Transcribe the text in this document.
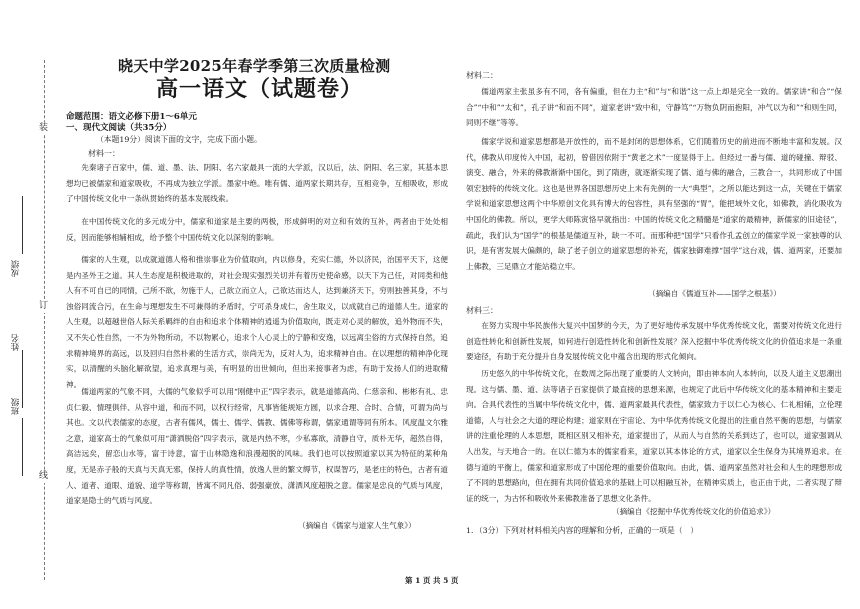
装
订
线
成绩
姓名
班级
晓天中学2025年春学季第三次质量检测
高一语文（试题卷）
命题范围：语文必修下册1～6单元
一、现代文阅读（共35分）
（本题19分）阅读下面的文字，完成下面小题。
材料一：
先秦诸子百家中，儒、道、墨、法、阴阳、名六家最具一流的大学派，汉以后，法、阴阳、名三家，其基本思想均已被儒家和道家吸收，不再成为独立学派。墨家中绝。唯有儒、道两家长期共存，互相竞争，互相吸收，形成了中国传统文化中一条纵贯始终的基本发展线索。
在中国传统文化的多元成分中，儒家和道家是主要的两极，形成鲜明的对立和有效的互补，两者由于处处相反，因而能够相辅相成，给予整个中国传统文化以深刻的影响。
儒家的人生观，以成就道德人格和推崇事业为价值取向，内以修身，充实仁德，外以济民，治国平天下，这便是内圣外王之道。其人生态度是积极进取的，对社会现实强烈关切并有着历史使命感，以天下为己任，对同类和他人有不可自已的同情，己所不欲，勿施于人，己欲立而立人，己欲达而达人，达到兼济天下，穷则独善其身，不与浊俗同流合污，在生命与理想发生不可兼得的矛盾时，宁可杀身成仁，舍生取义，以成就自己的道德人生。道家的人生观，以超越世俗人际关系羁绊的自由和追求个体精神的逍遥为价值取向，既走对心灵的解放，追外物而不失，又不失心性自然，一不为外物所动，不以物累心，追求个人心灵上的宁静和安逸，以远离尘俗的方式保持自然，追求精神境界的高远，以及回归自然朴素的生活方式，崇尚无为，反对人为，追求精神自由。在以理想的精神净化现实，以清醒的头脑化解欲望，追求真理与美，有明显的出世倾向，但出来接事者为虑，有助于发扬人们的进取精神。
儒道两家的气象不同，大儒的气象似乎可以用“刚健中正”四字表示，就是道德高尚、仁慈亲和、彬彬有礼、忠贞仁毅、情理俱伴、从容中道，和而不同，以权行经常，凡事皆能规矩方圆，以求合理、合时、合情，可谓为尚与其也。文以代表儒家的态度，古者有儒风，儒士、儒学、儒教、儒佛等称谓，儒家通谓等同有所本。风度温文尔雅之意，道家高士的气象似可用“潇洒脱俗”四字表示，就是内热不寒，少私寡欲，清静自守，质朴无华，超然自得，高洁远矣，留恋山水等，富于诗意，富于山林隐逸和浪漫超脱的风味。我们也可以按照道家以其为特征的某种角度，无是赤子般的天真与天真无邪，保持人的真性情，放逸人世的繁文缛节，权谋智巧，是老庄的特色，古者有道人、道者、道眼、道貌、道学等称谓，皆寓不同凡俗、弱强豪放、潇洒风度超脱之意。儒家是忠良的气质与风度，道家是隐士的气质与风度。
（摘编自《儒家与道家人生气象》）
材料二：
儒道两家主张虽多有不同，各有偏重，但在力主“和”与“和谐”这一点上却是完全一致的。儒家讲“和合”“保合”“中和”“太和”，孔子讲“和而不同”，道家老讲“致中和，守静笃”“万物负阴而抱阳，冲气以为和”“和则生同，同则不继”等等。
儒家学说和道家思想都是开放性的，而不是封闭的思想体系，它们随着历史的前进而不断地丰富和发展。汉代，佛教从印度传入中国，起初，曾借因依附于“黄老之术”一度显得于上。但经过一番与儒、道的碰撞、辩驳、演变、融合，外来的佛教渐渐中国化，到了隋唐，就逐渐实现了儒、道与佛的融合，三教合一，共同形成了中国领宏独特的传统文化。这也是世界各国思想历史上未有先例的一大“典型”，之所以能达到这一点，关键在于儒家学说和道家思想这两个中华原创文化具有博大的包容性，具有坚强的“胃”，能把域外文化，如佛教，消化吸收为中国化的佛教。所以，更学大师陈寅恪早就指出：中国的传统文化之精髓是“道家的最精神，新儒家的旧途径”，疏此，我们认为“国学”的根基是儒道互补，缺一不可。而那种把“国学”只看作孔孟创立的儒家学说一家独尊的认识，是有害发展大偏颇的，缺了老子创立的道家思想的补充，儒家独御难撑“国学”这台戏，儒、道两家，还要加上佛教，三足鼎立才能站稳立牢。
（摘编自《儒道互补——国学之根基》）
材料三：
在努力实现中华民族伟大复兴中国梦的今天，为了更好地传承发展中华优秀传统文化，需要对传统文化进行创造性转化和创新性发展，如何进行创造性转化和创新性发展？深入挖掘中华优秀传统文化的价值追求是一条重要途径，有助于充分提升自身发展传统文化中蕴含出现的形式化倾向。
历史悠久的中华传统文化，在数周之际出现了重要的人文转向，即由神本向人本转向，以及人道主义思潮出现。这与儒、墨、道、法等诸子百家提供了最直接的思想来源，也规定了此后中华传统文化的基本精神和主要走向。合具代表性的当属中华传统文化中，儒、道两家最具代表性，儒家致力于以仁心为核心、仁礼相辅，立伦理道德，人与社会之大道的理论构建；道家则在宇宙论、为中华优秀传统文化提出的注重自然平衡的思想，与儒家讲的注重伦理的人本思想，既相区别又相补充，道家提出了，从而人与自然的关系到达了，也可以，道家强调从人出发，与天地合一的。在以仁德为本的儒家看来，道家以其本体论的方式，道家以全生保身为其境界追求。在德与道的平衡上，儒家和道家形成了中国伦理的重要价值取向。由此，儒、道两家虽然对社会和人生的理想形成了不同的思想路向，但在拥有共同价值追求的基础上可以相融互补，在精神实质上，也正由于此，二者实现了辩证的统一，为古怀和吸收外来佛教准备了思想文化条件。
（摘编自《挖掘中华优秀传统文化的价值追求》）
1．（3分）下列对材料相关内容的理解和分析，正确的一项是（　）
第 1 页 共 5 页
